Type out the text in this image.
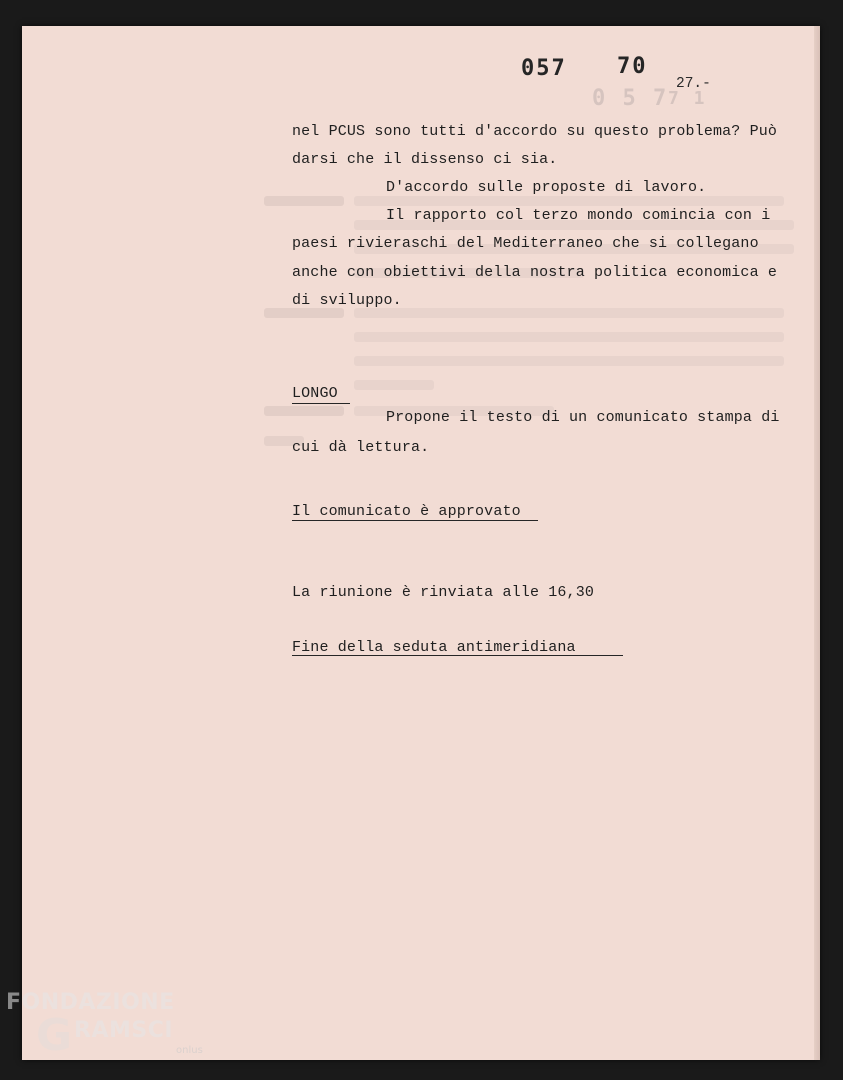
0 5 7 7 1

057 70
27.-
nel PCUS sono tutti d'accordo su questo problema? Può
darsi che il dissenso ci sia.
D'accordo sulle proposte di lavoro.
Il rapporto col terzo mondo comincia con i
paesi rivieraschi del Mediterraneo che si collegano
anche con obiettivi della nostra politica economica e
di sviluppo.
LONGO
Propone il testo di un comunicato stampa di
cui dà lettura.
Il comunicato è approvato
La riunione è rinviata alle 16,30
Fine della seduta antimeridiana
FONDAZIONE
G RAMSCI
onlus
